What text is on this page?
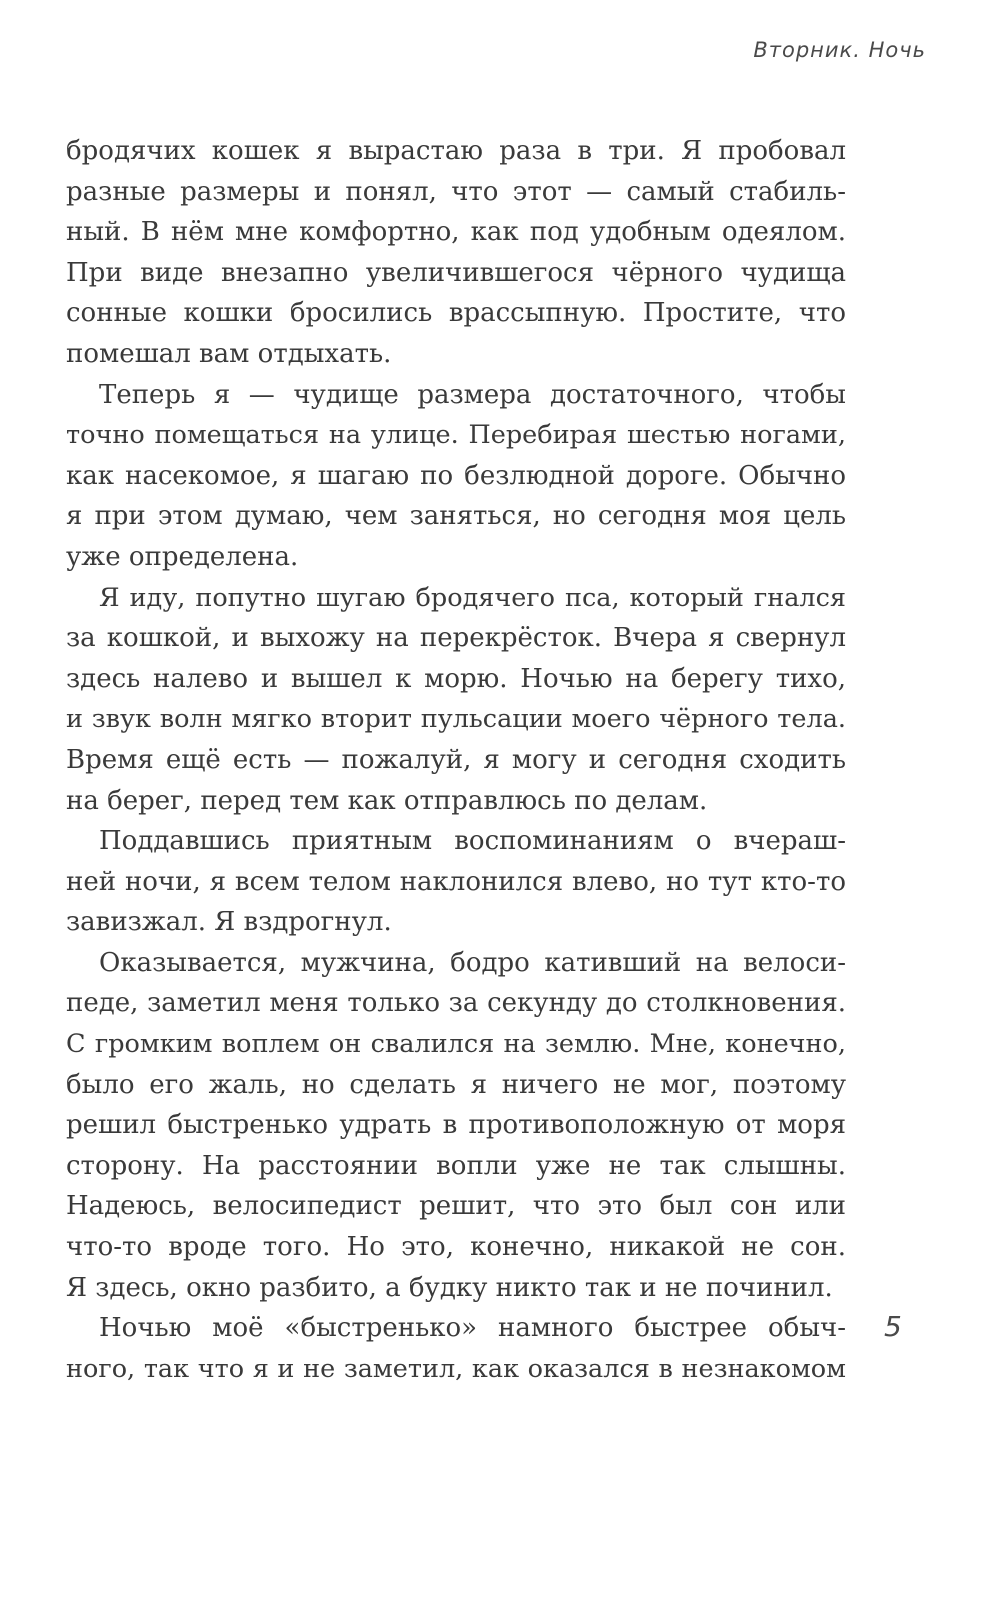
Вторник. Ночь
бродячих кошек я вырастаю раза в три. Я пробовал
разные размеры и понял, что этот — самый стабиль-
ный. В нём мне комфортно, как под удобным одеялом.
При виде внезапно увеличившегося чёрного чудища
сонные кошки бросились врассыпную. Простите, что
помешал вам отдыхать.
Теперь я — чудище размера достаточного, чтобы
точно помещаться на улице. Перебирая шестью ногами,
как насекомое, я шагаю по безлюдной дороге. Обычно
я при этом думаю, чем заняться, но сегодня моя цель
уже определена.
Я иду, попутно шугаю бродячего пса, который гнался
за кошкой, и выхожу на перекрёсток. Вчера я свернул
здесь налево и вышел к морю. Ночью на берегу тихо,
и звук волн мягко вторит пульсации моего чёрного тела.
Время ещё есть — пожалуй, я могу и сегодня сходить
на берег, перед тем как отправлюсь по делам.
Поддавшись приятным воспоминаниям о вчераш-
ней ночи, я всем телом наклонился влево, но тут кто-то
завизжал. Я вздрогнул.
Оказывается, мужчина, бодро кативший на велоси-
педе, заметил меня только за секунду до столкновения.
С громким воплем он свалился на землю. Мне, конечно,
было его жаль, но сделать я ничего не мог, поэтому
решил быстренько удрать в противоположную от моря
сторону. На расстоянии вопли уже не так слышны.
Надеюсь, велосипедист решит, что это был сон или
что-то вроде того. Но это, конечно, никакой не сон.
Я здесь, окно разбито, а будку никто так и не починил.
Ночью моё «быстренько» намного быстрее обыч-
ного, так что я и не заметил, как оказался в незнакомом
5
